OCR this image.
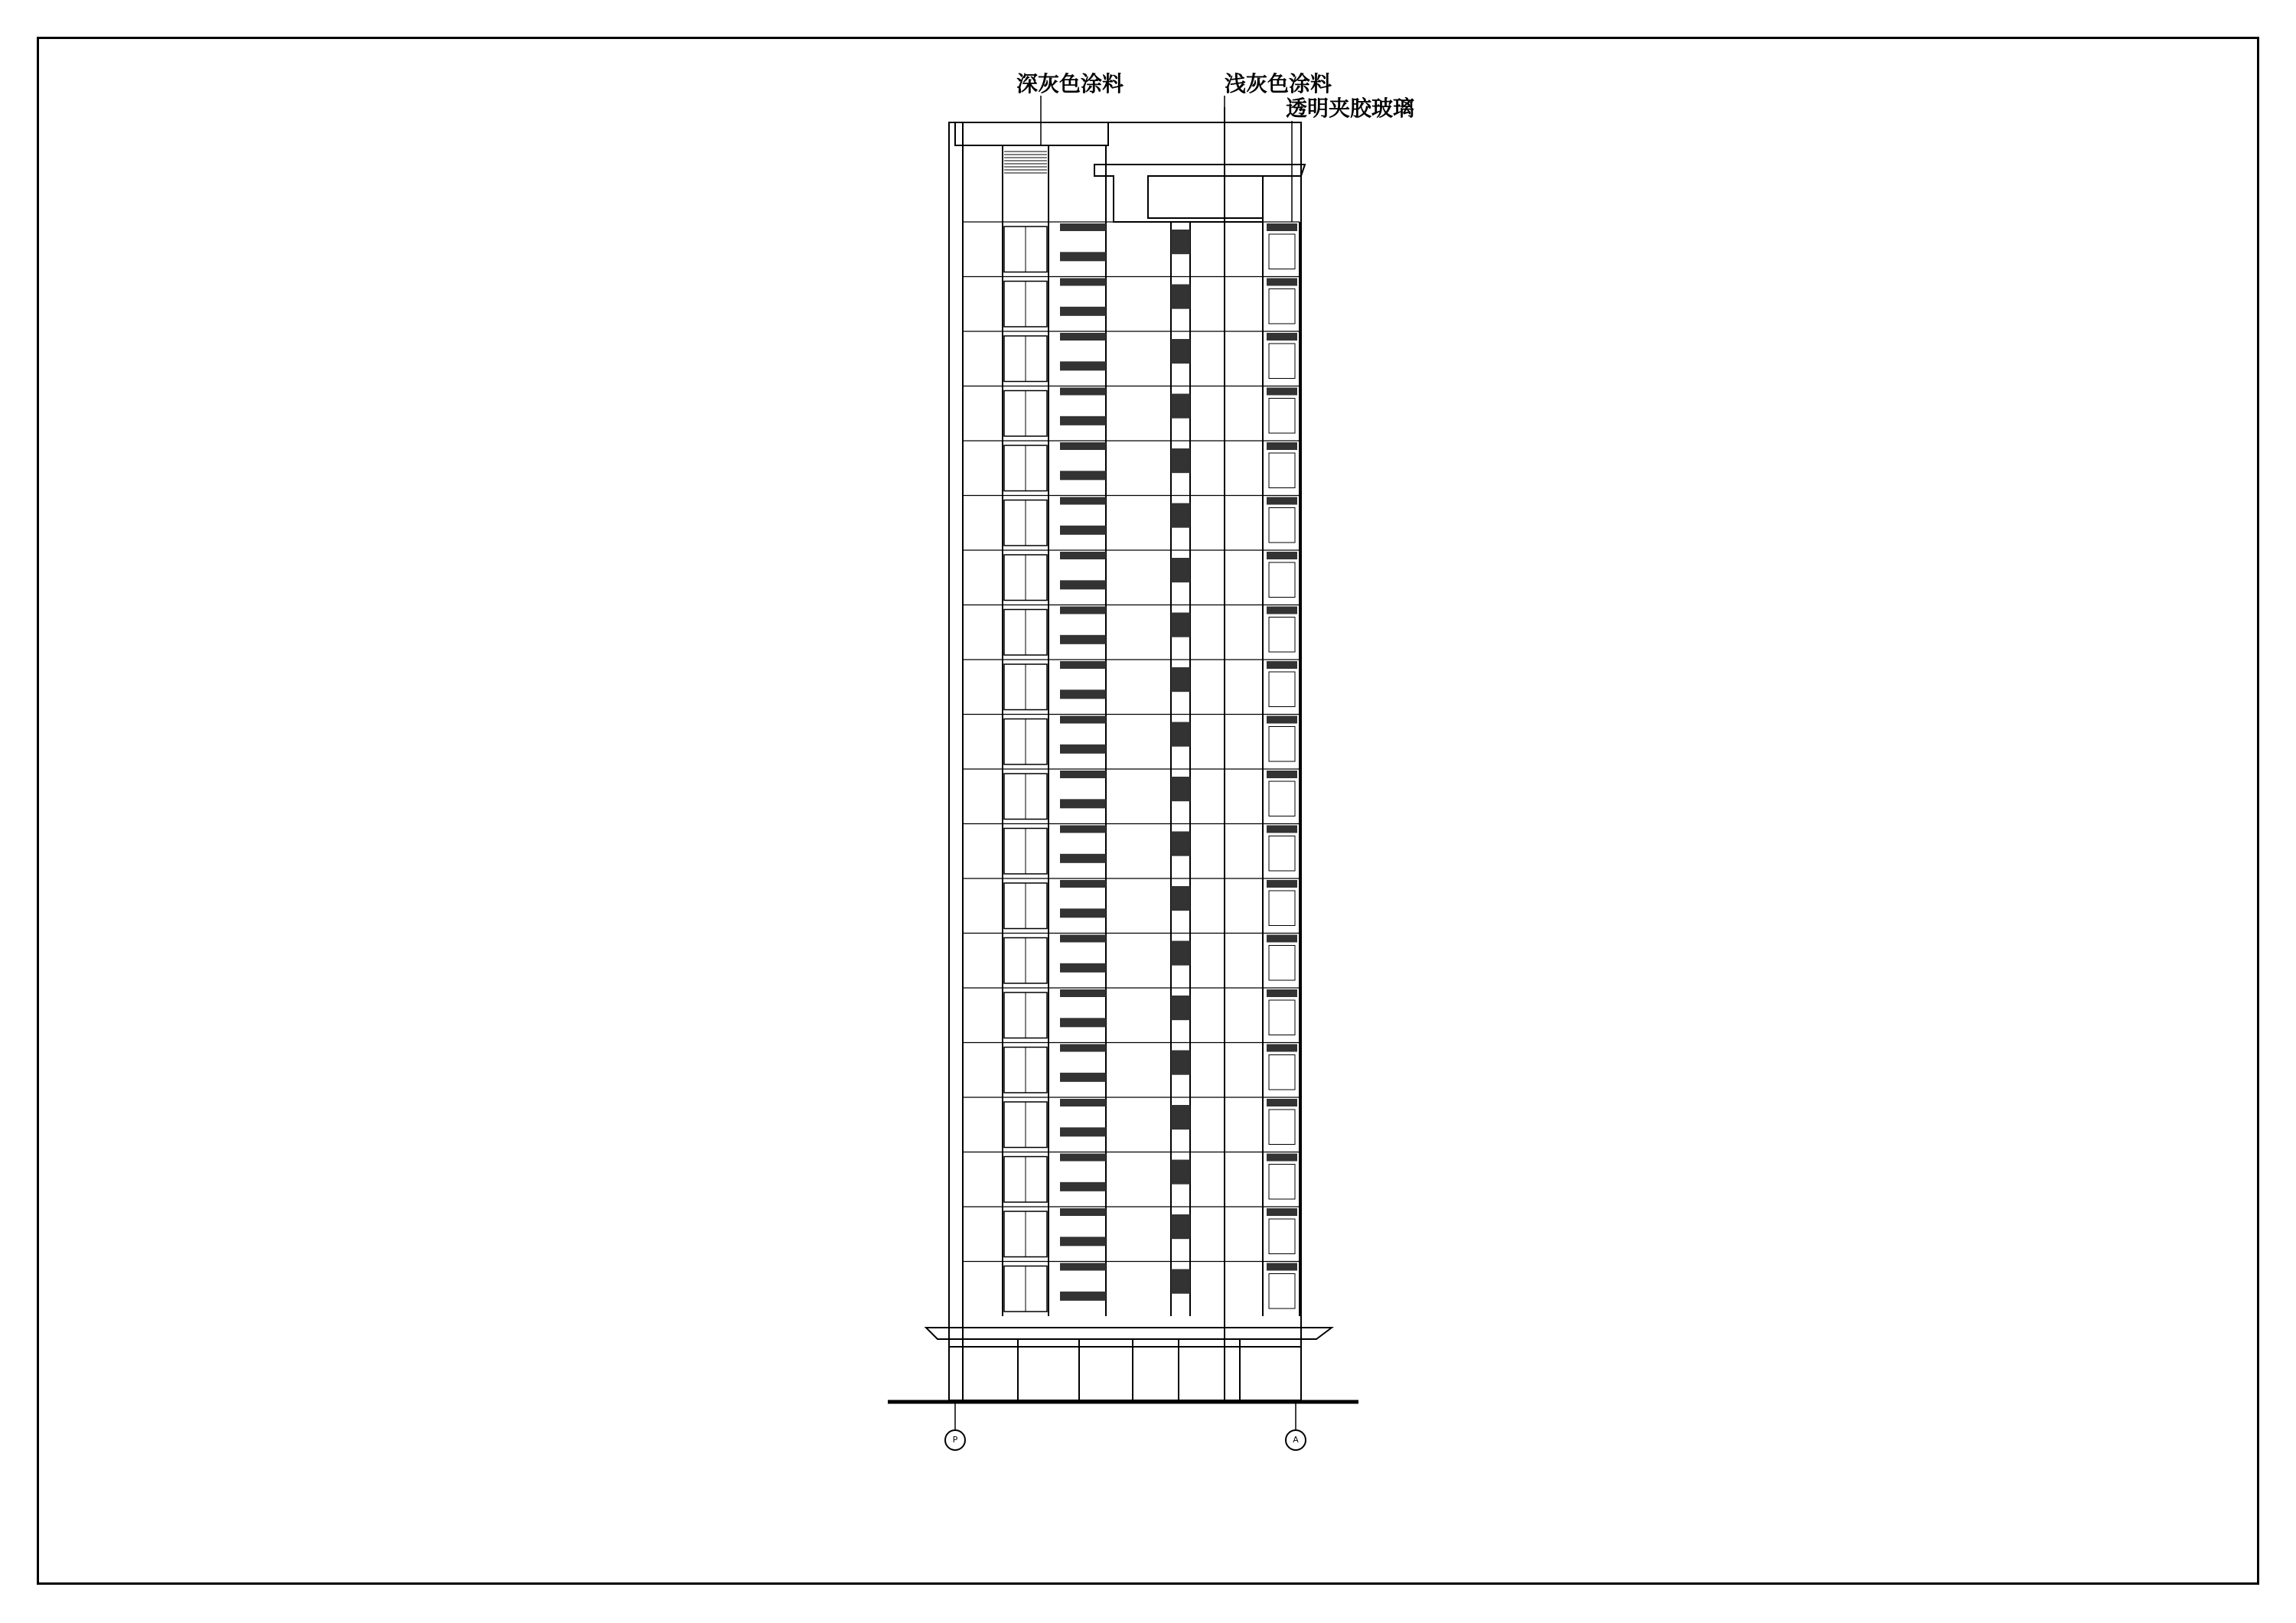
深灰色涂料	浅灰色涂料
透明夹胶玻璃
P	A
